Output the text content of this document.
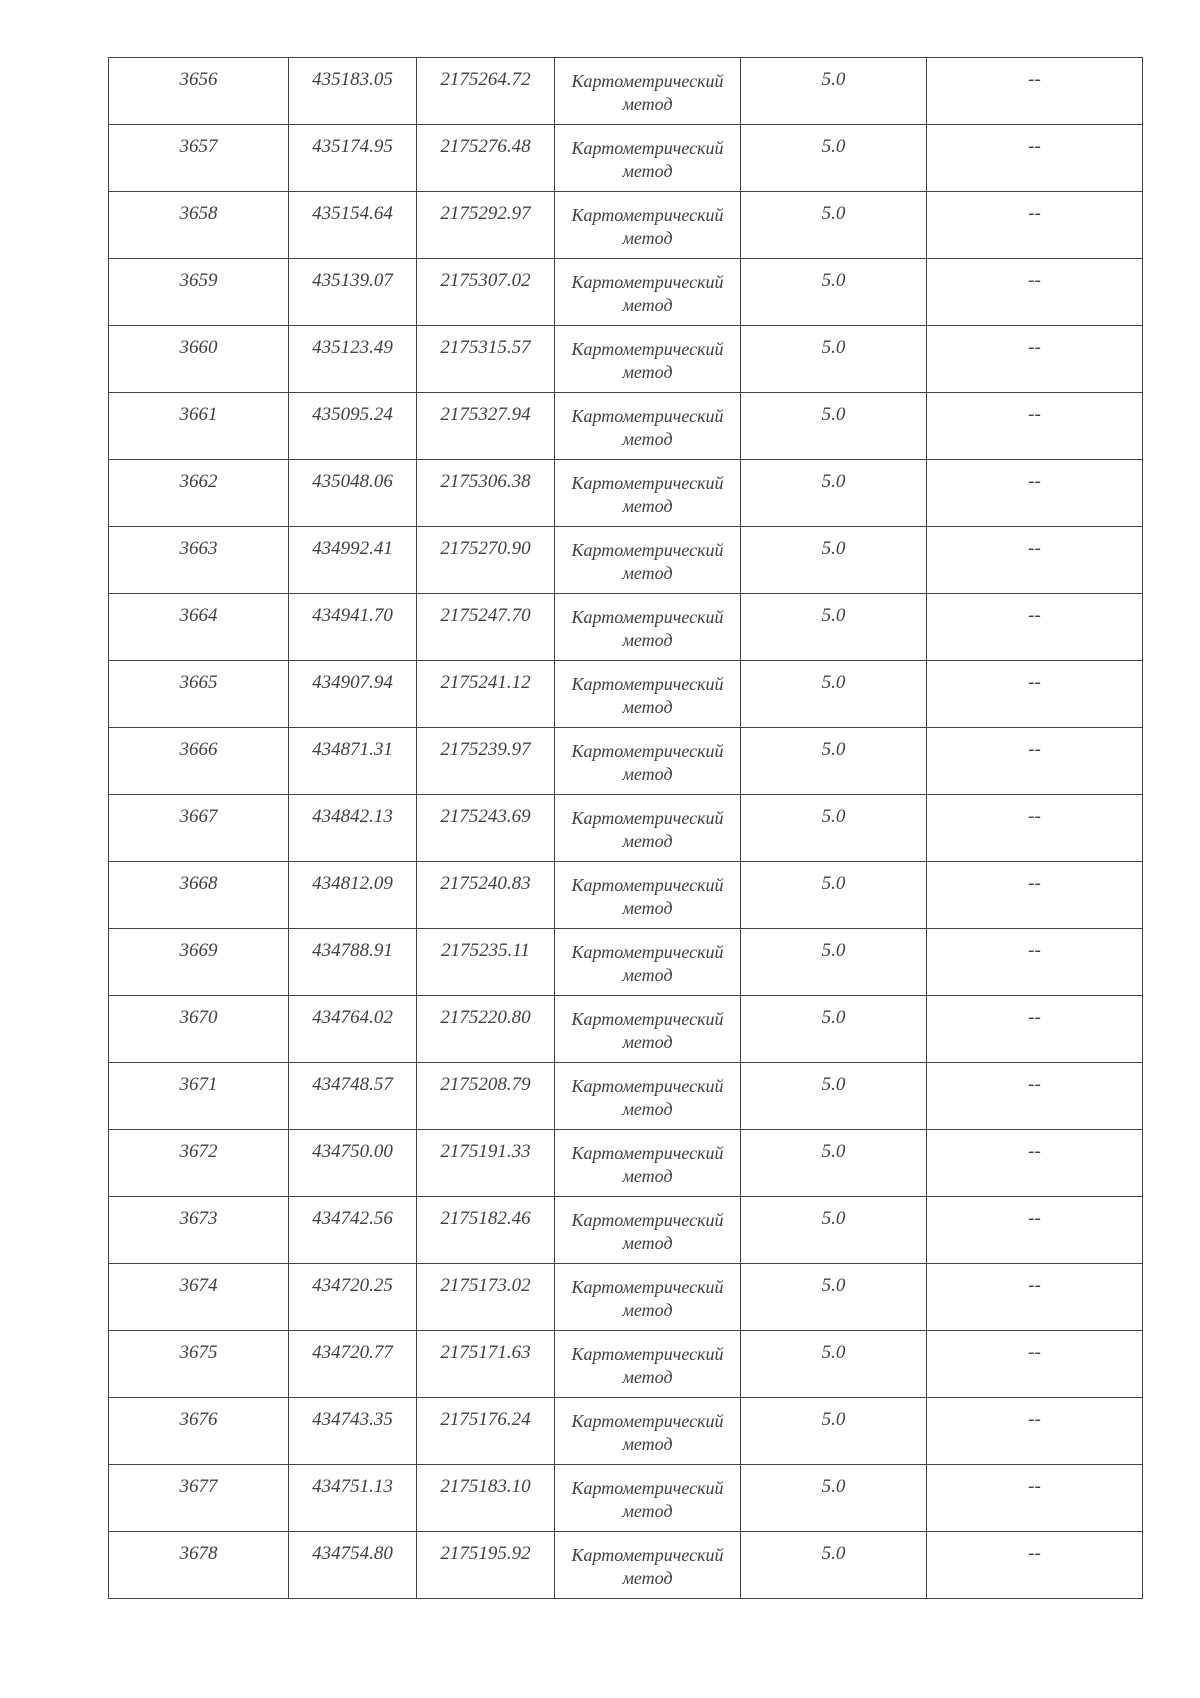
3656	435183.05	2175264.72	Картометрический
метод	5.0	--

3657	435174.95	2175276.48	Картометрический
метод	5.0	--

3658	435154.64	2175292.97	Картометрический
метод	5.0	--

3659	435139.07	2175307.02	Картометрический
метод	5.0	--

3660	435123.49	2175315.57	Картометрический
метод	5.0	--

3661	435095.24	2175327.94	Картометрический
метод	5.0	--

3662	435048.06	2175306.38	Картометрический
метод	5.0	--

3663	434992.41	2175270.90	Картометрический
метод	5.0	--

3664	434941.70	2175247.70	Картометрический
метод	5.0	--

3665	434907.94	2175241.12	Картометрический
метод	5.0	--

3666	434871.31	2175239.97	Картометрический
метод	5.0	--

3667	434842.13	2175243.69	Картометрический
метод	5.0	--

3668	434812.09	2175240.83	Картометрический
метод	5.0	--

3669	434788.91	2175235.11	Картометрический
метод	5.0	--

3670	434764.02	2175220.80	Картометрический
метод	5.0	--

3671	434748.57	2175208.79	Картометрический
метод	5.0	--

3672	434750.00	2175191.33	Картометрический
метод	5.0	--

3673	434742.56	2175182.46	Картометрический
метод	5.0	--

3674	434720.25	2175173.02	Картометрический
метод	5.0	--

3675	434720.77	2175171.63	Картометрический
метод	5.0	--

3676	434743.35	2175176.24	Картометрический
метод	5.0	--

3677	434751.13	2175183.10	Картометрический
метод	5.0	--

3678	434754.80	2175195.92	Картометрический
метод	5.0	--
